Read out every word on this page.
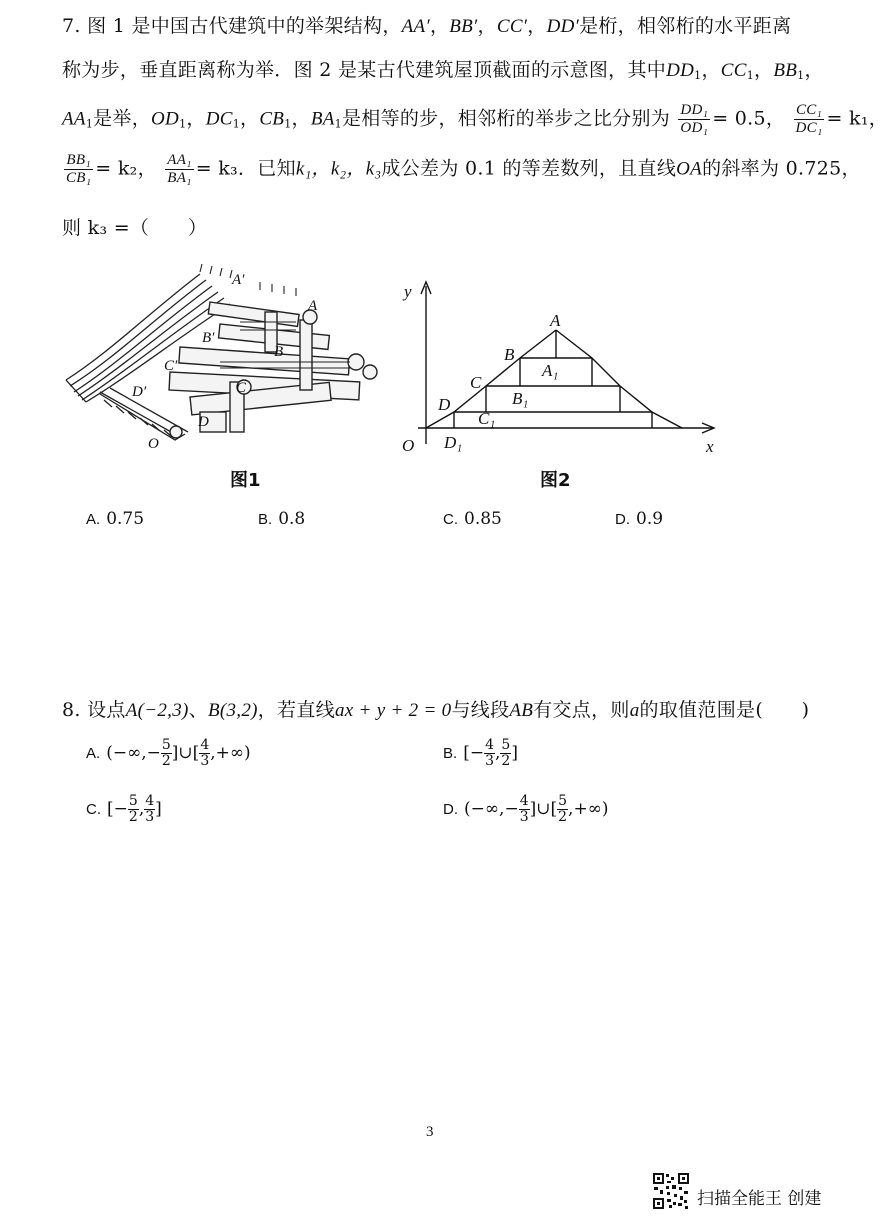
7. 图 1 是中国古代建筑中的举架结构，AA′，BB′，CC′，DD′是桁，相邻桁的水平距离
称为步，垂直距离称为举．图 2 是某古代建筑屋顶截面的示意图，其中$DD_1$，$CC_1$，$BB_1$，
$AA_1$是举，$OD_1$，$DC_1$，$CB_1$，$BA_1$是相等的步，相邻桁的举步之比分别为 $\frac{\text{DD₁}}{\text{OD₁}} = 0.5$， $\frac{\text{CC₁}}{\text{DC₁}} = k_1$，
$\frac{\text{BB₁}}{\text{CB₁}} = k_2$， $\frac{\text{AA₁}}{\text{BA₁}} = k_3$．已知k₁，k₂，k₃成公差为 0.1 的等差数列，且直线OA的斜率为 0.725，
则 k₃ =（　　）
A′
A
B′
B
C′
C
D′
D
O
图1
y
x
O
A
B
C
D
A₁
B₁
C₁
D₁
图2
A. 0.75	B. 0.8	C. 0.85	D. 0.9
8. 设点A(−2,3)、B(3,2)，若直线ax + y + 2 = 0与线段AB有交点，则a的取值范围是(　　)
A. (−∞,− $\frac{5}{2}$ ]∪[ $\frac{4}{3}$ ,+∞)	B. [− $\frac{4}{3}$ , $\frac{5}{2}$ ]
C. [− $\frac{5}{2}$ , $\frac{4}{3}$ ]	D. (−∞,− $\frac{4}{3}$ ]∪[ $\frac{5}{2}$ ,+∞)
3
扫描全能王 创建
